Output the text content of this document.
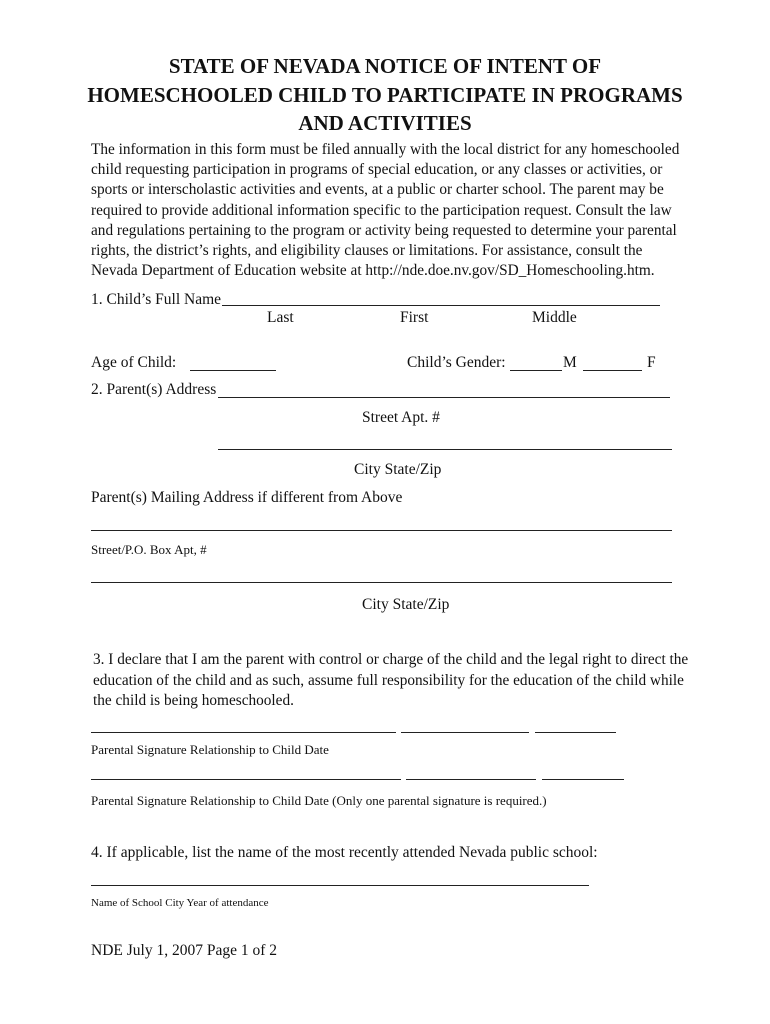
STATE OF NEVADA NOTICE OF INTENT OF
HOMESCHOOLED CHILD TO PARTICIPATE IN PROGRAMS
AND ACTIVITIES
The information in this form must be filed annually with the local district for any homeschooled child requesting participation in programs of special education, or any classes or activities, or sports or interscholastic activities and events, at a public or charter school. The parent may be required to provide additional information specific to the participation request. Consult the law and regulations pertaining to the program or activity being requested to determine your parental rights, the district’s rights, and eligibility clauses or limitations. For assistance, consult the Nevada Department of Education website at http://nde.doe.nv.gov/SD_Homeschooling.htm.
1. Child’s Full Name
Last	First	Middle
Age of Child:	Child’s Gender:	M	F
2. Parent(s) Address
Street Apt. #
City State/Zip
Parent(s) Mailing Address if different from Above
Street/P.O. Box Apt, #
City State/Zip
3. I declare that I am the parent with control or charge of the child and the legal right to direct the education of the child and as such, assume full responsibility for the education of the child while the child is being homeschooled.
Parental Signature Relationship to Child Date
Parental Signature Relationship to Child Date (Only one parental signature is required.)
4. If applicable, list the name of the most recently attended Nevada public school:
Name of School City Year of attendance
NDE July 1, 2007 Page 1 of 2
